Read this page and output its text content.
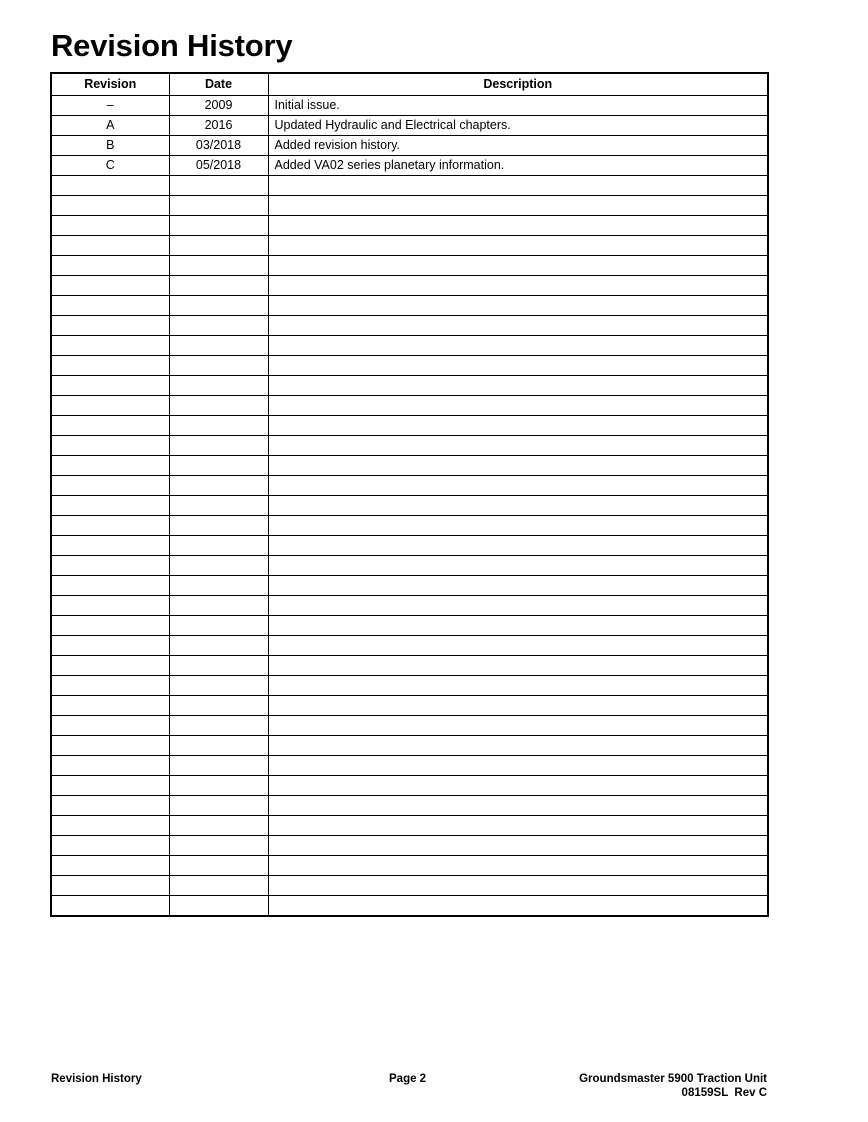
Revision History
Revision	Date	Description
–	2009	Initial issue.
A	2016	Updated Hydraulic and Electrical chapters.
B	03/2018	Added revision history.
C	05/2018	Added VA02 series planetary information.

Revision History	Page 2	Groundsmaster 5900 Traction Unit
08159SL  Rev C
